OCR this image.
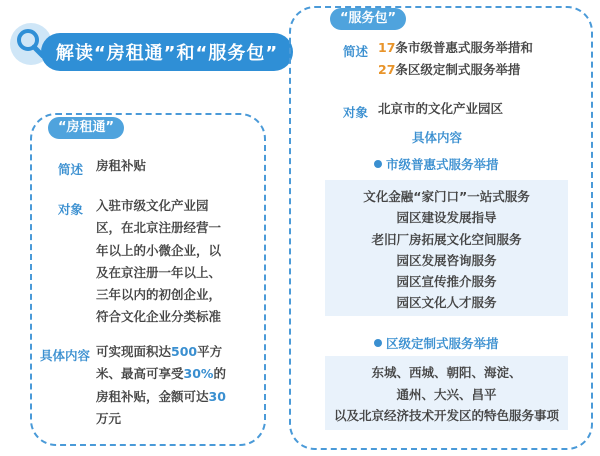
解读“房租通”和“服务包”
“房租通”
简述 房租补贴
对象 入驻市级文化产业园
区，在北京注册经营一
年以上的小微企业，以
及在京注册一年以上、
三年以内的初创企业，
符合文化企业分类标准
具体内容 可实现面积达500平方
米、最高可享受30%的
房租补贴，金额可达30
万元
“服务包”
简述 17条市级普惠式服务举措和
27条区级定制式服务举措
对象 北京市的文化产业园区
具体内容
市级普惠式服务举措
文化金融“家门口”一站式服务
园区建设发展指导
老旧厂房拓展文化空间服务
园区发展咨询服务
园区宣传推介服务
园区文化人才服务
区级定制式服务举措
东城、西城、朝阳、海淀、
通州、大兴、昌平
以及北京经济技术开发区的特色服务事项
